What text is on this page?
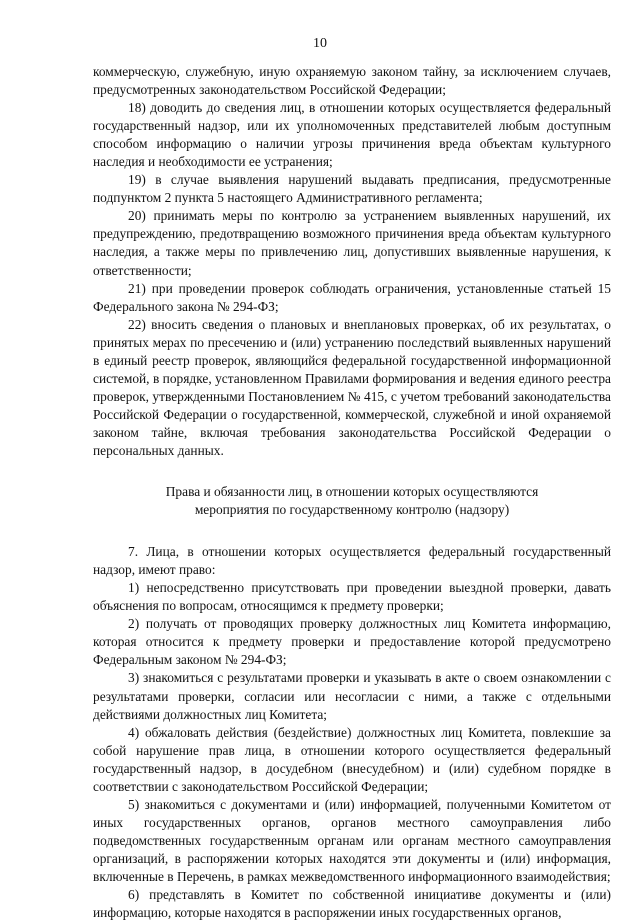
10

коммерческую, служебную, иную охраняемую законом тайну, за исключением случаев, предусмотренных законодательством Российской Федерации;

18) доводить до сведения лиц, в отношении которых осуществляется федеральный государственный надзор, или их уполномоченных представителей любым доступным способом информацию о наличии угрозы причинения вреда объектам культурного наследия и необходимости ее устранения;

19) в случае выявления нарушений выдавать предписания, предусмотренные подпунктом 2 пункта 5 настоящего Административного регламента;

20) принимать меры по контролю за устранением выявленных нарушений, их предупреждению, предотвращению возможного причинения вреда объектам культурного наследия, а также меры по привлечению лиц, допустивших выявленные нарушения, к ответственности;

21) при проведении проверок соблюдать ограничения, установленные статьей 15 Федерального закона № 294-ФЗ;

22) вносить сведения о плановых и внеплановых проверках, об их результатах, о принятых мерах по пресечению и (или) устранению последствий выявленных нарушений в единый реестр проверок, являющийся федеральной государственной информационной системой, в порядке, установленном Правилами формирования и ведения единого реестра проверок, утвержденными Постановлением № 415, с учетом требований законодательства Российской Федерации о государственной, коммерческой, служебной и иной охраняемой законом тайне, включая требования законодательства Российской Федерации о персональных данных.

Права и обязанности лиц, в отношении которых осуществляются
мероприятия по государственному контролю (надзору)

7. Лица, в отношении которых осуществляется федеральный государственный надзор, имеют право:

1) непосредственно присутствовать при проведении выездной проверки, давать объяснения по вопросам, относящимся к предмету проверки;

2) получать от проводящих проверку должностных лиц Комитета информацию, которая относится к предмету проверки и предоставление которой предусмотрено Федеральным законом № 294-ФЗ;

3) знакомиться с результатами проверки и указывать в акте о своем ознакомлении с результатами проверки, согласии или несогласии с ними, а также с отдельными действиями должностных лиц Комитета;

4) обжаловать действия (бездействие) должностных лиц Комитета, повлекшие за собой нарушение прав лица, в отношении которого осуществляется федеральный государственный надзор, в досудебном (внесудебном) и (или) судебном порядке в соответствии с законодательством Российской Федерации;

5) знакомиться с документами и (или) информацией, полученными Комитетом от иных государственных органов, органов местного самоуправления либо подведомственных государственным органам или органам местного самоуправления организаций, в распоряжении которых находятся эти документы и (или) информация, включенные в Перечень, в рамках межведомственного информационного взаимодействия;

6) представлять в Комитет по собственной инициативе документы и (или) информацию, которые находятся в распоряжении иных государственных органов,
